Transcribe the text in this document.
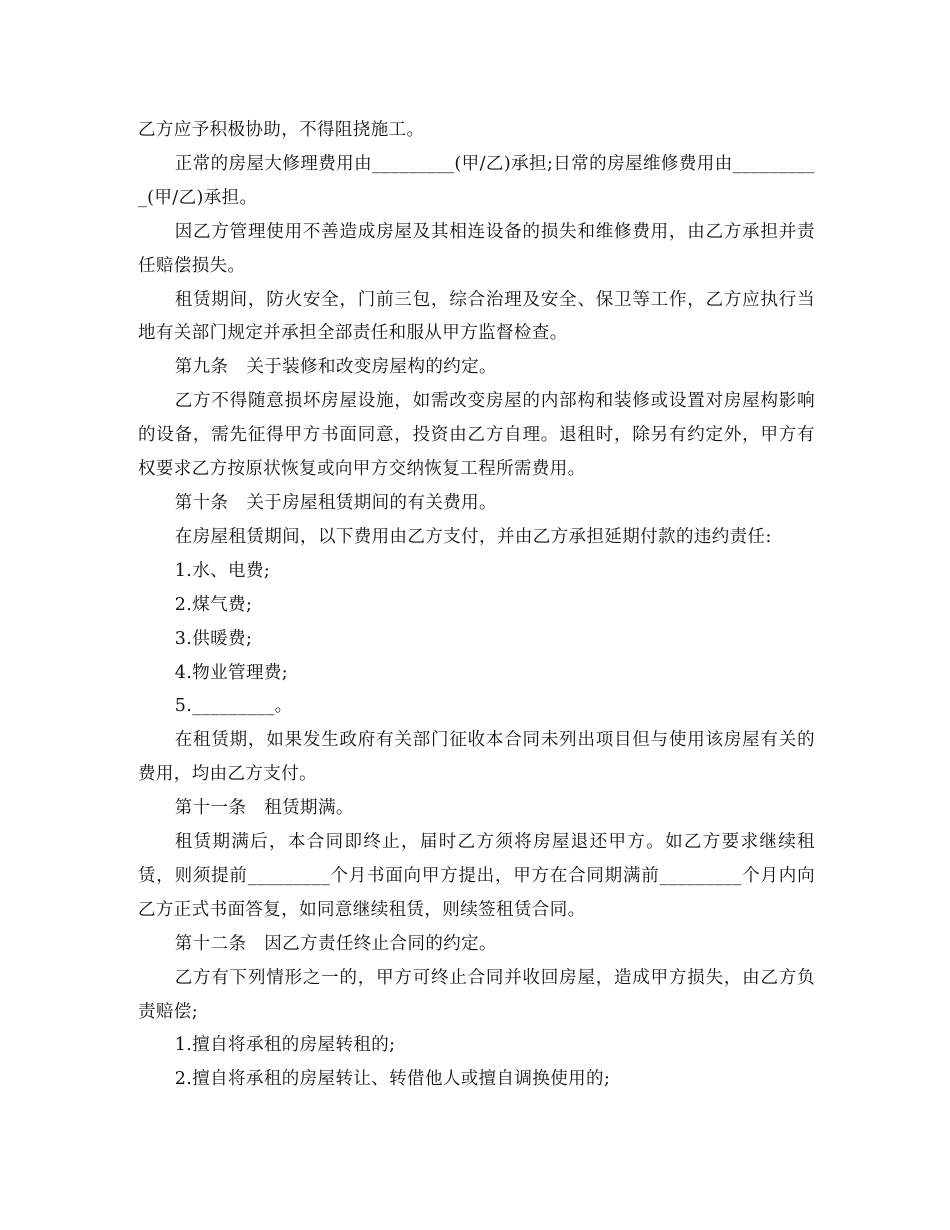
乙方应予积极协助，不得阻挠施工。

正常的房屋大修理费用由_________(甲/乙)承担;日常的房屋维修费用由__________(甲/乙)承担。

因乙方管理使用不善造成房屋及其相连设备的损失和维修费用，由乙方承担并责任赔偿损失。

租赁期间，防火安全，门前三包，综合治理及安全、保卫等工作，乙方应执行当地有关部门规定并承担全部责任和服从甲方监督检查。

第九条　关于装修和改变房屋构的约定。

乙方不得随意损坏房屋设施，如需改变房屋的内部构和装修或设置对房屋构影响的设备，需先征得甲方书面同意，投资由乙方自理。退租时，除另有约定外，甲方有权要求乙方按原状恢复或向甲方交纳恢复工程所需费用。

第十条　关于房屋租赁期间的有关费用。

在房屋租赁期间，以下费用由乙方支付，并由乙方承担延期付款的违约责任:

1.水、电费;

2.煤气费;

3.供暖费;

4.物业管理费;

5._________。

在租赁期，如果发生政府有关部门征收本合同未列出项目但与使用该房屋有关的费用，均由乙方支付。

第十一条　租赁期满。

租赁期满后，本合同即终止，届时乙方须将房屋退还甲方。如乙方要求继续租赁，则须提前_________个月书面向甲方提出，甲方在合同期满前_________个月内向乙方正式书面答复，如同意继续租赁，则续签租赁合同。

第十二条　因乙方责任终止合同的约定。

乙方有下列情形之一的，甲方可终止合同并收回房屋，造成甲方损失，由乙方负责赔偿;

1.擅自将承租的房屋转租的;

2.擅自将承租的房屋转让、转借他人或擅自调换使用的;
